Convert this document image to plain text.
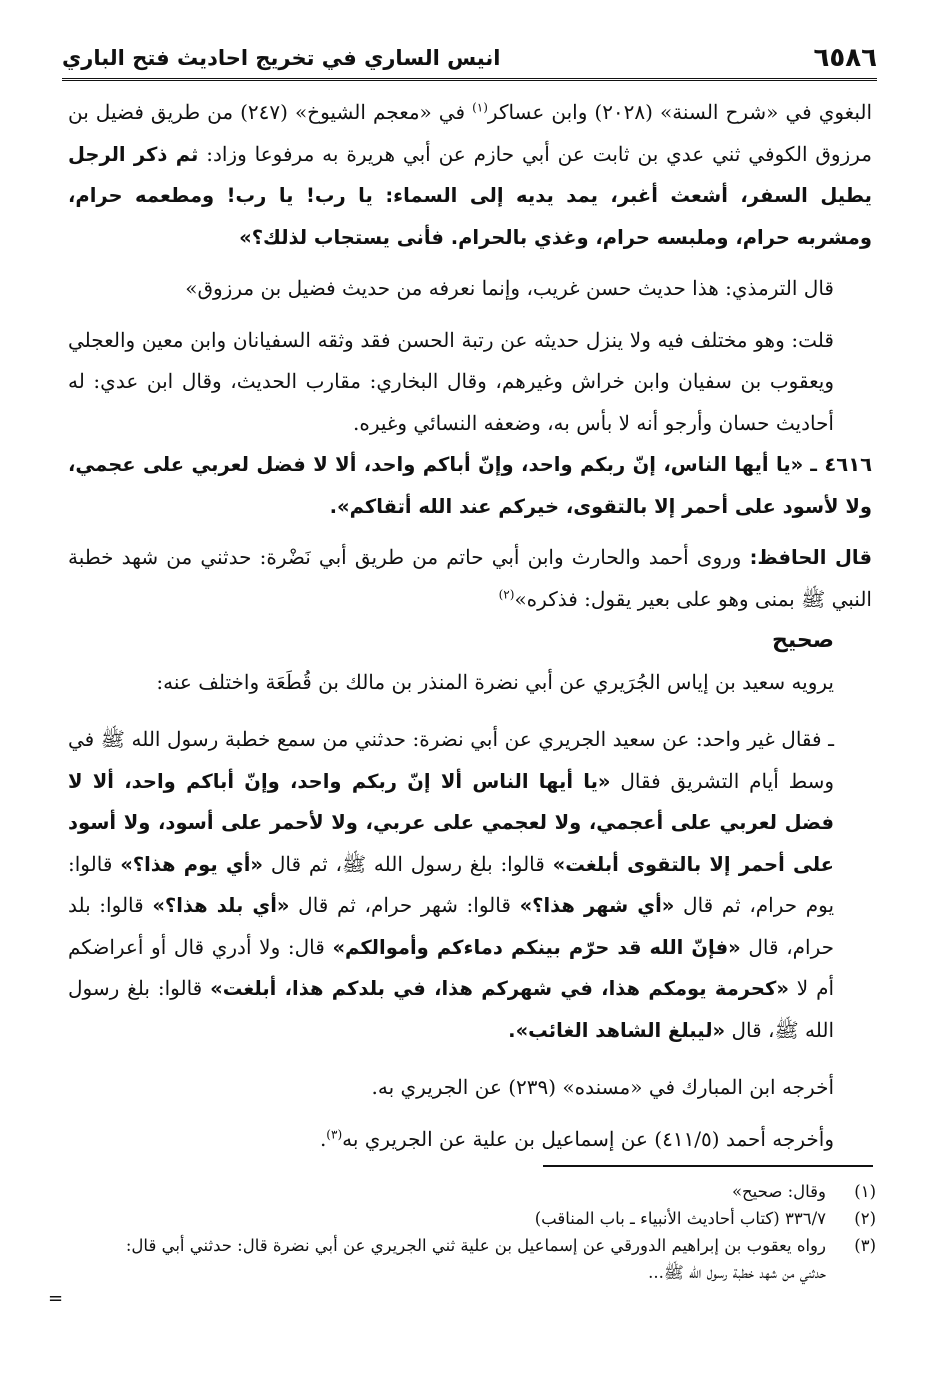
٦٥٨٦
انيس الساري في تخريج احاديث فتح الباري

البغوي في «شرح السنة» (٢٠٢٨) وابن عساكر$^{(١)}$ في «معجم الشيوخ» (٢٤٧) من طريق فضيل بن مرزوق الكوفي ثني عدي بن ثابت عن أبي حازم عن أبي هريرة به مرفوعا وزاد: ثم ذكر الرجل يطيل السفر، أشعث أغبر، يمد يديه إلى السماء: يا رب! يا رب! ومطعمه حرام، ومشربه حرام، وملبسه حرام، وغذي بالحرام. فأنى يستجاب لذلك؟»

قال الترمذي: هذا حديث حسن غريب، وإنما نعرفه من حديث فضيل بن مرزوق»

قلت: وهو مختلف فيه ولا ينزل حديثه عن رتبة الحسن فقد وثقه السفيانان وابن معين والعجلي ويعقوب بن سفيان وابن خراش وغيرهم، وقال البخاري: مقارب الحديث، وقال ابن عدي: له أحاديث حسان وأرجو أنه لا بأس به، وضعفه النسائي وغيره.

٤٦١٦ ـ «يا أيها الناس، إنّ ربكم واحد، وإنّ أباكم واحد، ألا لا فضل لعربي على عجمي، ولا لأسود على أحمر إلا بالتقوى، خيركم عند الله أتقاكم».

قال الحافظ: وروى أحمد والحارث وابن أبي حاتم من طريق أبي نَضْرة: حدثني من شهد خطبة النبي ﷺ بمنى وهو على بعير يقول: فذكره»$^{(٢)}$

صحيح

يرويه سعيد بن إياس الجُرَيري عن أبي نضرة المنذر بن مالك بن قُطَعَة واختلف عنه:

ـ فقال غير واحد: عن سعيد الجريري عن أبي نضرة: حدثني من سمع خطبة رسول الله ﷺ في وسط أيام التشريق فقال «يا أيها الناس ألا إنّ ربكم واحد، وإنّ أباكم واحد، ألا لا فضل لعربي على أعجمي، ولا لعجمي على عربي، ولا لأحمر على أسود، ولا أسود على أحمر إلا بالتقوى أبلغت» قالوا: بلغ رسول الله ﷺ، ثم قال «أي يوم هذا؟» قالوا: يوم حرام، ثم قال «أي شهر هذا؟» قالوا: شهر حرام، ثم قال «أي بلد هذا؟» قالوا: بلد حرام، قال «فإنّ الله قد حرّم بينكم دماءكم وأموالكم» قال: ولا أدري قال أو أعراضكم أم لا «كحرمة يومكم هذا، في شهركم هذا، في بلدكم هذا، أبلغت» قالوا: بلغ رسول الله ﷺ، قال «ليبلغ الشاهد الغائب».

أخرجه ابن المبارك في «مسنده» (٢٣٩) عن الجريري به.

وأخرجه أحمد (٤١١/٥) عن إسماعيل بن علية عن الجريري به$^{(٣)}$.

(١)
وقال: صحيح»
(٢)
٣٣٦/٧ (كتاب أحاديث الأنبياء ـ باب المناقب)
(٣)
رواه يعقوب بن إبراهيم الدورقي عن إسماعيل بن علية ثني الجريري عن أبي نضرة قال: حدثني أبي قال:
حدثني من شهد خطبة رسول الله ﷺ...
=
